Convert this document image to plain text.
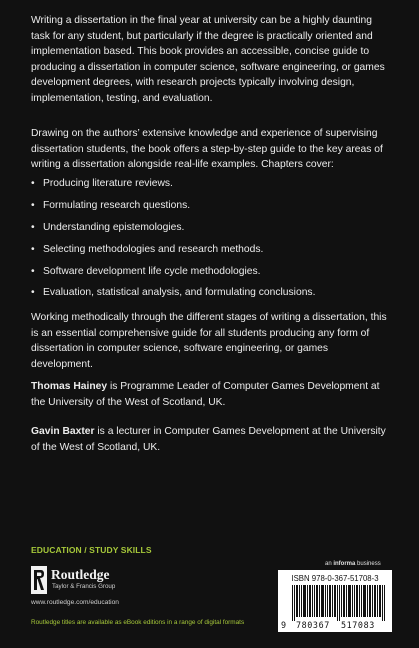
Writing a dissertation in the final year at university can be a highly daunting task for any student, but particularly if the degree is practically oriented and implementation based. This book provides an accessible, concise guide to producing a dissertation in computer science, software engineering, or games development degrees, with research projects typically involving design, implementation, testing, and evaluation.
Drawing on the authors’ extensive knowledge and experience of supervising dissertation students, the book offers a step-by-step guide to the key areas of writing a dissertation alongside real-life examples. Chapters cover:
• Producing literature reviews.
• Formulating research questions.
• Understanding epistemologies.
• Selecting methodologies and research methods.
• Software development life cycle methodologies.
• Evaluation, statistical analysis, and formulating conclusions.
Working methodically through the different stages of writing a dissertation, this is an essential comprehensive guide for all students producing any form of dissertation in computer science, software engineering, or games development.
Thomas Hainey is Programme Leader of Computer Games Development at the University of the West of Scotland, UK.
Gavin Baxter is a lecturer in Computer Games Development at the University of the West of Scotland, UK.
EDUCATION / STUDY SKILLS
Routledge
Taylor & Francis Group
www.routledge.com/education
Routledge titles are available as eBook editions in a range of digital formats
an informa business
ISBN 978-0-367-51708-3
9 780367 517083
